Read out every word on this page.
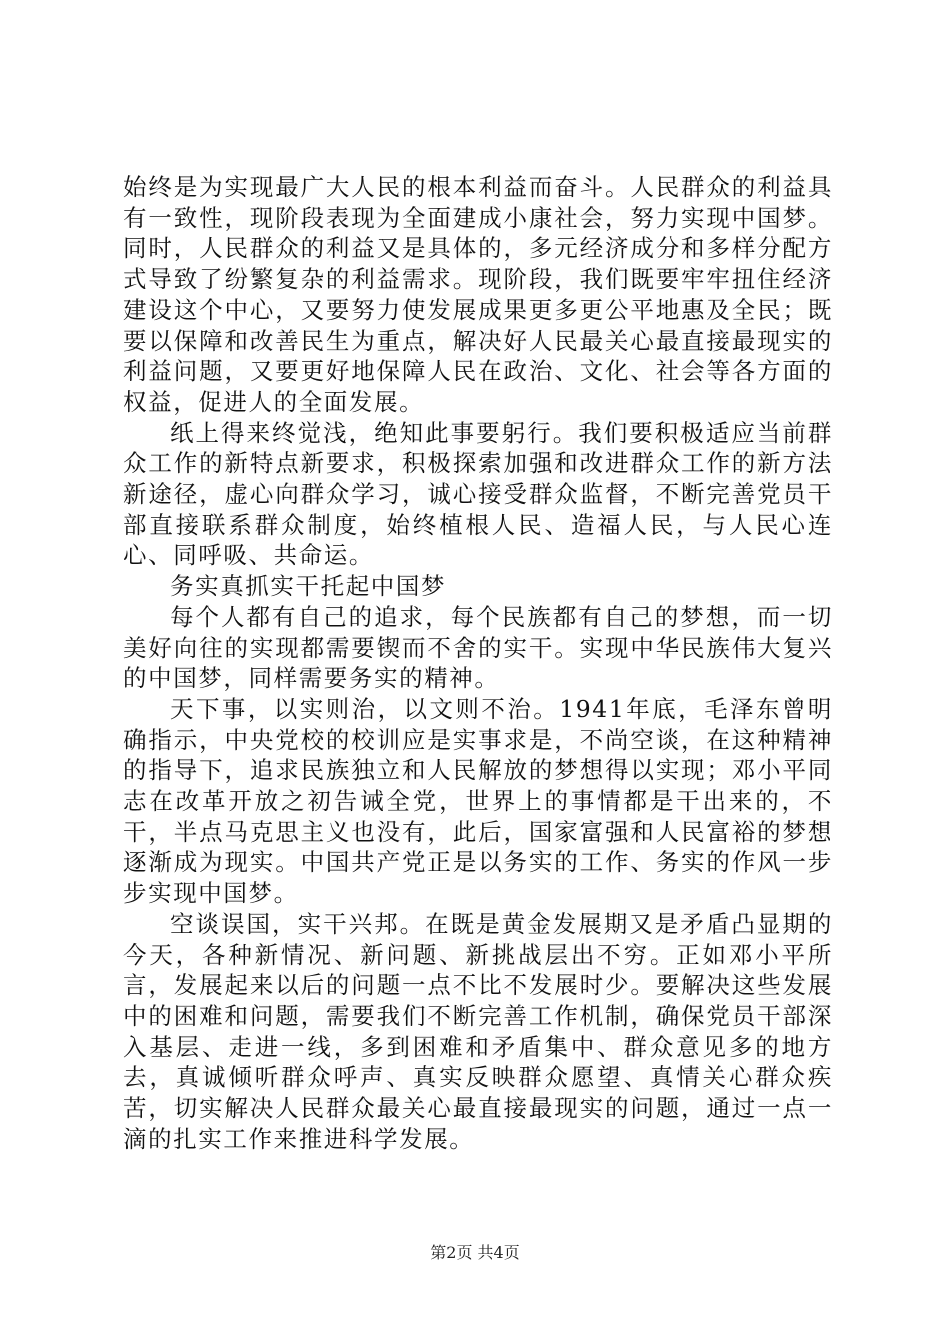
始终是为实现最广大人民的根本利益而奋斗。人民群众的利益具有一致性，现阶段表现为全面建成小康社会，努力实现中国梦。同时，人民群众的利益又是具体的，多元经济成分和多样分配方式导致了纷繁复杂的利益需求。现阶段，我们既要牢牢扭住经济建设这个中心，又要努力使发展成果更多更公平地惠及全民；既要以保障和改善民生为重点，解决好人民最关心最直接最现实的利益问题，又要更好地保障人民在政治、文化、社会等各方面的权益，促进人的全面发展。

纸上得来终觉浅，绝知此事要躬行。我们要积极适应当前群众工作的新特点新要求，积极探索加强和改进群众工作的新方法新途径，虚心向群众学习，诚心接受群众监督，不断完善党员干部直接联系群众制度，始终植根人民、造福人民，与人民心连心、同呼吸、共命运。

务实真抓实干托起中国梦

每个人都有自己的追求，每个民族都有自己的梦想，而一切美好向往的实现都需要锲而不舍的实干。实现中华民族伟大复兴的中国梦，同样需要务实的精神。

天下事，以实则治，以文则不治。1941年底，毛泽东曾明确指示，中央党校的校训应是实事求是，不尚空谈，在这种精神的指导下，追求民族独立和人民解放的梦想得以实现；邓小平同志在改革开放之初告诫全党，世界上的事情都是干出来的，不干，半点马克思主义也没有，此后，国家富强和人民富裕的梦想逐渐成为现实。中国共产党正是以务实的工作、务实的作风一步步实现中国梦。

空谈误国，实干兴邦。在既是黄金发展期又是矛盾凸显期的今天，各种新情况、新问题、新挑战层出不穷。正如邓小平所言，发展起来以后的问题一点不比不发展时少。要解决这些发展中的困难和问题，需要我们不断完善工作机制，确保党员干部深入基层、走进一线，多到困难和矛盾集中、群众意见多的地方去，真诚倾听群众呼声、真实反映群众愿望、真情关心群众疾苦，切实解决人民群众最关心最直接最现实的问题，通过一点一滴的扎实工作来推进科学发展。

第2页 共4页
